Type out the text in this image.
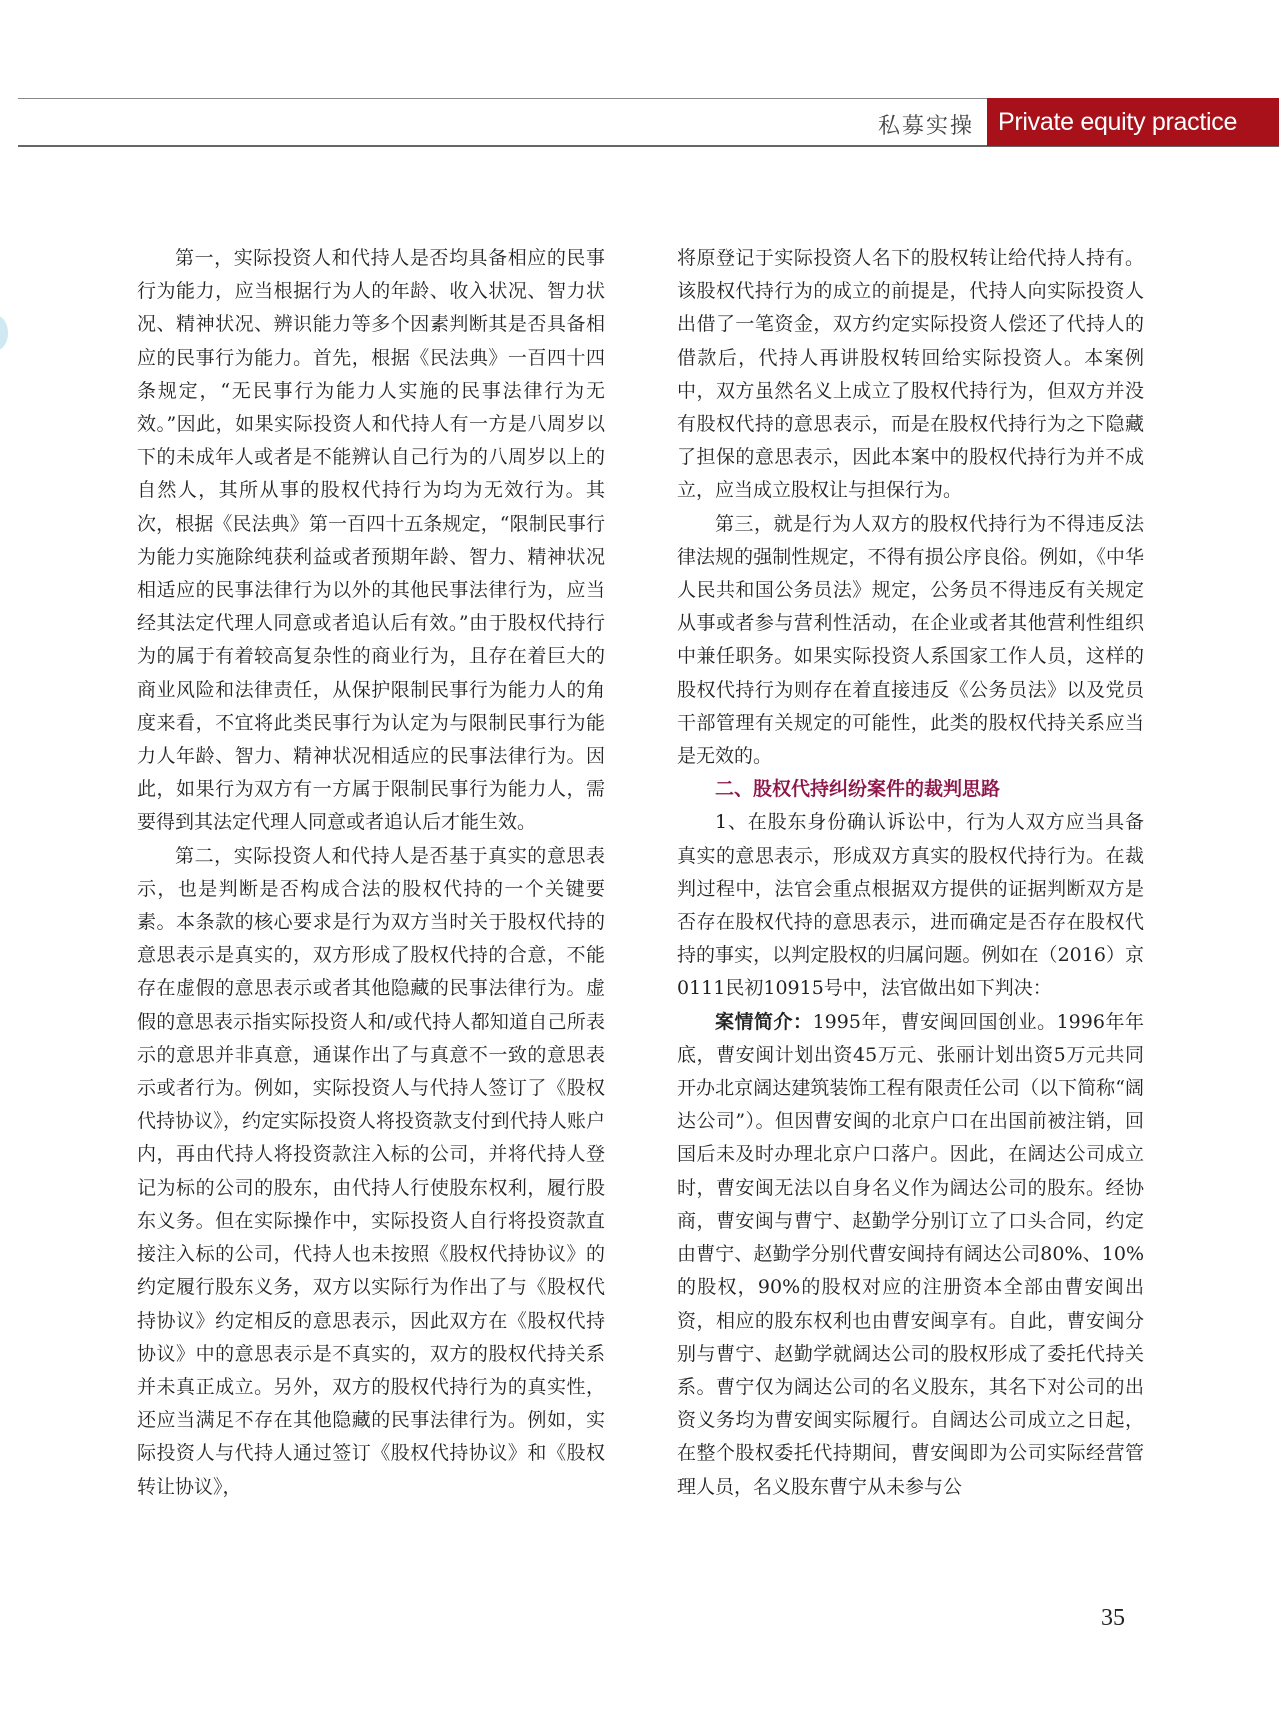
私募实操 Private equity practice

第一，实际投资人和代持人是否均具备相应的民事行为能力，应当根据行为人的年龄、收入状况、智力状况、精神状况、辨识能力等多个因素判断其是否具备相应的民事行为能力。首先，根据《民法典》一百四十四条规定，“无民事行为能力人实施的民事法律行为无效。”因此，如果实际投资人和代持人有一方是八周岁以下的未成年人或者是不能辨认自己行为的八周岁以上的自然人，其所从事的股权代持行为均为无效行为。其次，根据《民法典》第一百四十五条规定，“限制民事行为能力实施除纯获利益或者预期年龄、智力、精神状况相适应的民事法律行为以外的其他民事法律行为，应当经其法定代理人同意或者追认后有效。”由于股权代持行为的属于有着较高复杂性的商业行为，且存在着巨大的商业风险和法律责任，从保护限制民事行为能力人的角度来看，不宜将此类民事行为认定为与限制民事行为能力人年龄、智力、精神状况相适应的民事法律行为。因此，如果行为双方有一方属于限制民事行为能力人，需要得到其法定代理人同意或者追认后才能生效。

第二，实际投资人和代持人是否基于真实的意思表示，也是判断是否构成合法的股权代持的一个关键要素。本条款的核心要求是行为双方当时关于股权代持的意思表示是真实的，双方形成了股权代持的合意，不能存在虚假的意思表示或者其他隐藏的民事法律行为。虚假的意思表示指实际投资人和/或代持人都知道自己所表示的意思并非真意，通谋作出了与真意不一致的意思表示或者行为。例如，实际投资人与代持人签订了《股权代持协议》，约定实际投资人将投资款支付到代持人账户内，再由代持人将投资款注入标的公司，并将代持人登记为标的公司的股东，由代持人行使股东权利，履行股东义务。但在实际操作中，实际投资人自行将投资款直接注入标的公司，代持人也未按照《股权代持协议》的约定履行股东义务，双方以实际行为作出了与《股权代持协议》约定相反的意思表示，因此双方在《股权代持协议》中的意思表示是不真实的，双方的股权代持关系并未真正成立。另外，双方的股权代持行为的真实性，还应当满足不存在其他隐藏的民事法律行为。例如，实际投资人与代持人通过签订《股权代持协议》和《股权转让协议》，

将原登记于实际投资人名下的股权转让给代持人持有。该股权代持行为的成立的前提是，代持人向实际投资人出借了一笔资金，双方约定实际投资人偿还了代持人的借款后，代持人再讲股权转回给实际投资人。本案例中，双方虽然名义上成立了股权代持行为，但双方并没有股权代持的意思表示，而是在股权代持行为之下隐藏了担保的意思表示，因此本案中的股权代持行为并不成立，应当成立股权让与担保行为。

第三，就是行为人双方的股权代持行为不得违反法律法规的强制性规定，不得有损公序良俗。例如，《中华人民共和国公务员法》规定，公务员不得违反有关规定从事或者参与营利性活动，在企业或者其他营利性组织中兼任职务。如果实际投资人系国家工作人员，这样的股权代持行为则存在着直接违反《公务员法》以及党员干部管理有关规定的可能性，此类的股权代持关系应当是无效的。

二、股权代持纠纷案件的裁判思路

1、在股东身份确认诉讼中，行为人双方应当具备真实的意思表示，形成双方真实的股权代持行为。在裁判过程中，法官会重点根据双方提供的证据判断双方是否存在股权代持的意思表示，进而确定是否存在股权代持的事实，以判定股权的归属问题。例如在（2016）京0111民初10915号中，法官做出如下判决：

案情简介：1995年，曹安闽回国创业。1996年年底，曹安闽计划出资45万元、张丽计划出资5万元共同开办北京阔达建筑装饰工程有限责任公司（以下简称“阔达公司”）。但因曹安闽的北京户口在出国前被注销，回国后未及时办理北京户口落户。因此，在阔达公司成立时，曹安闽无法以自身名义作为阔达公司的股东。经协商，曹安闽与曹宁、赵勤学分别订立了口头合同，约定由曹宁、赵勤学分别代曹安闽持有阔达公司80%、10%的股权，90%的股权对应的注册资本全部由曹安闽出资，相应的股东权利也由曹安闽享有。自此，曹安闽分别与曹宁、赵勤学就阔达公司的股权形成了委托代持关系。曹宁仅为阔达公司的名义股东，其名下对公司的出资义务均为曹安闽实际履行。自阔达公司成立之日起，在整个股权委托代持期间，曹安闽即为公司实际经营管理人员，名义股东曹宁从未参与公

35
